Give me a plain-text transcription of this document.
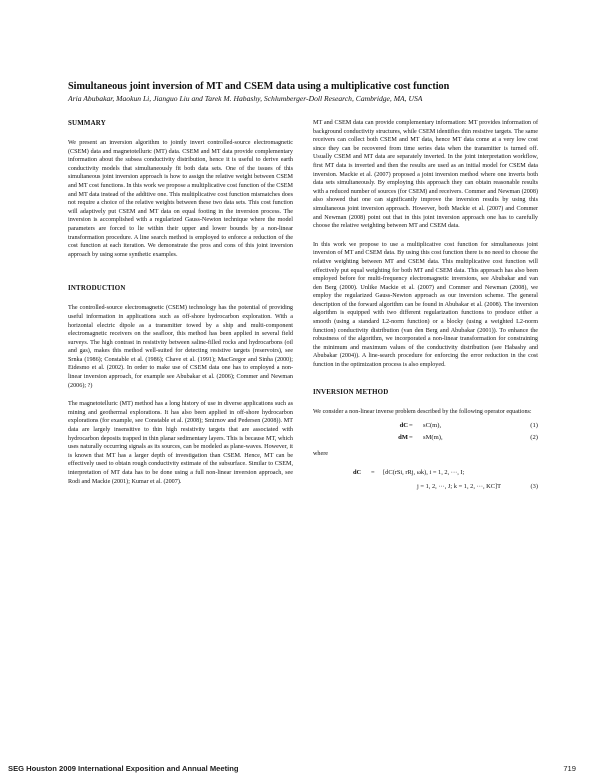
Simultaneous joint inversion of MT and CSEM data using a multiplicative cost function
Aria Abubakar, Maokun Li, Jianguo Liu and Tarek M. Habashy, Schlumberger-Doll Research, Cambridge, MA, USA
SUMMARY

We present an inversion algorithm to jointly invert controlled-source electromagnetic (CSEM) data and magnetotelluric (MT) data. CSEM and MT data provide complementary information about the subsea conductivity distribution, hence it is useful to derive earth conductivity models that simultaneously fit both data sets. One of the issues of this simultaneous joint inversion approach is how to assign the relative weight between CSEM and MT cost functions. In this work we propose a multiplicative cost function of the CSEM and MT data instead of the additive one. This multiplicative cost function mismatches does not require a choice of the relative weights between these two data sets. This cost function will adaptively put CSEM and MT data on equal footing in the inversion process. The inversion is accomplished with a regularized Gauss-Newton technique where the model parameters are forced to lie within their upper and lower bounds by a non-linear transformation procedure. A line search method is employed to enforce a reduction of the cost function at each iteration. We demonstrate the pros and cons of this joint inversion approach by using some synthetic examples.

INTRODUCTION

The controlled-source electromagnetic (CSEM) technology has the potential of providing useful information in applications such as off-shore hydrocarbon exploration. With a horizontal electric dipole as a transmitter towed by a ship and multi-component electromagnetic receivers on the seafloor, this method has been applied in several field surveys. The high contrast in resistivity between saline-filled rocks and hydrocarbons (oil and gas), makes this method well-suited for detecting resistive targets (reservoirs), see Srnka (1986); Constable et al. (1986); Chave et al. (1991); MacGregor and Sinha (2000); Eidesmo et al. (2002). In order to make use of CSEM data one has to employed a non-linear inversion approach, for example see Abubakar et al. (2006); Commer and Newman (2006); ?)

The magnetotelluric (MT) method has a long history of use in diverse applications such as mining and geothermal explorations. It has also been applied in off-shore hydrocarbon explorations (for example, see Constable et al. (2008); Smirnov and Pedersen (2008)). MT data are largely insensitive to thin high resistivity targets that are associated with hydrocarbon deposits trapped in thin planar sedimentary layers. This is because MT, which uses naturally occurring signals as its sources, can be modeled as plane-waves. However, it is known that MT has a larger depth of investigation than CSEM. Hence, MT can be effectively used to obtain rough conductivity estimate of the subsurface. Similar to CSEM, interpretation of MT data has to be done using a full non-linear inversion approach, see Rodi and Mackie (2001); Kumar et al. (2007).

MT and CSEM data can provide complementary information: MT provides information of background conductivity structures, while CSEM identifies thin resistive targets. The same receivers can collect both CSEM and MT data, hence MT data come at a very low cost since they can be recovered from time series data when the transmitter is turned off. Usually CSEM and MT data are separately inverted. In the joint interpretation workflow, first MT data is inverted and then the results are used as an initial model for CSEM data inversion. Mackie et al. (2007) proposed a joint inversion method where one inverts both data sets simultaneously. By employing this approach they can obtain reasonable results with a reduced number of sources (for CSEM) and receivers. Commer and Newman (2008) also showed that one can significantly improve the inversion results by using this simultaneous joint inversion approach. However, both Mackie et al. (2007) and Commer and Newman (2008) point out that in this joint inversion approach one has to carefully choose the relative weighting between MT and CSEM data.

In this work we propose to use a multiplicative cost function for simultaneous joint inversion of MT and CSEM data. By using this cost function there is no need to choose the relative weighting between MT and CSEM data. This multiplicative cost function will effectively put equal weighting for both MT and CSEM data. This approach has also been employed before for multi-frequency electromagnetic inversions, see Abubakar and van den Berg (2000). Unlike Mackie et al. (2007) and Commer and Newman (2008), we employ the regularized Gauss-Newton approach as our inversion scheme. The general description of the forward algorithm can be found in Abubakar et al. (2008). The inversion algorithm is equipped with two different regularization functions to produce either a smooth (using a standard L2-norm function) or a blocky (using a weighted L2-norm function) conductivity distribution (van den Berg and Abubakar (2001)). To enhance the robustness of the algorithm, we incorporated a non-linear transformation for constraining the minimum and maximum values of the conductivity distribution (see Habashy and Abubakar (2004)). A line-search procedure for enforcing the error reduction in the cost function in the optimization process is also employed.

INVERSION METHOD

We consider a non-linear inverse problem described by the following operator equations:

dC = sC(m),	(1)
dM = sM(m),	(2)
where
dC = [dC(rSi, rRj, ωk), i = 1, 2, ···, I;
j = 1, 2, ···, J; k = 1, 2, ···, KC]T	(3)
SEG Houston 2009 International Exposition and Annual Meeting	719
